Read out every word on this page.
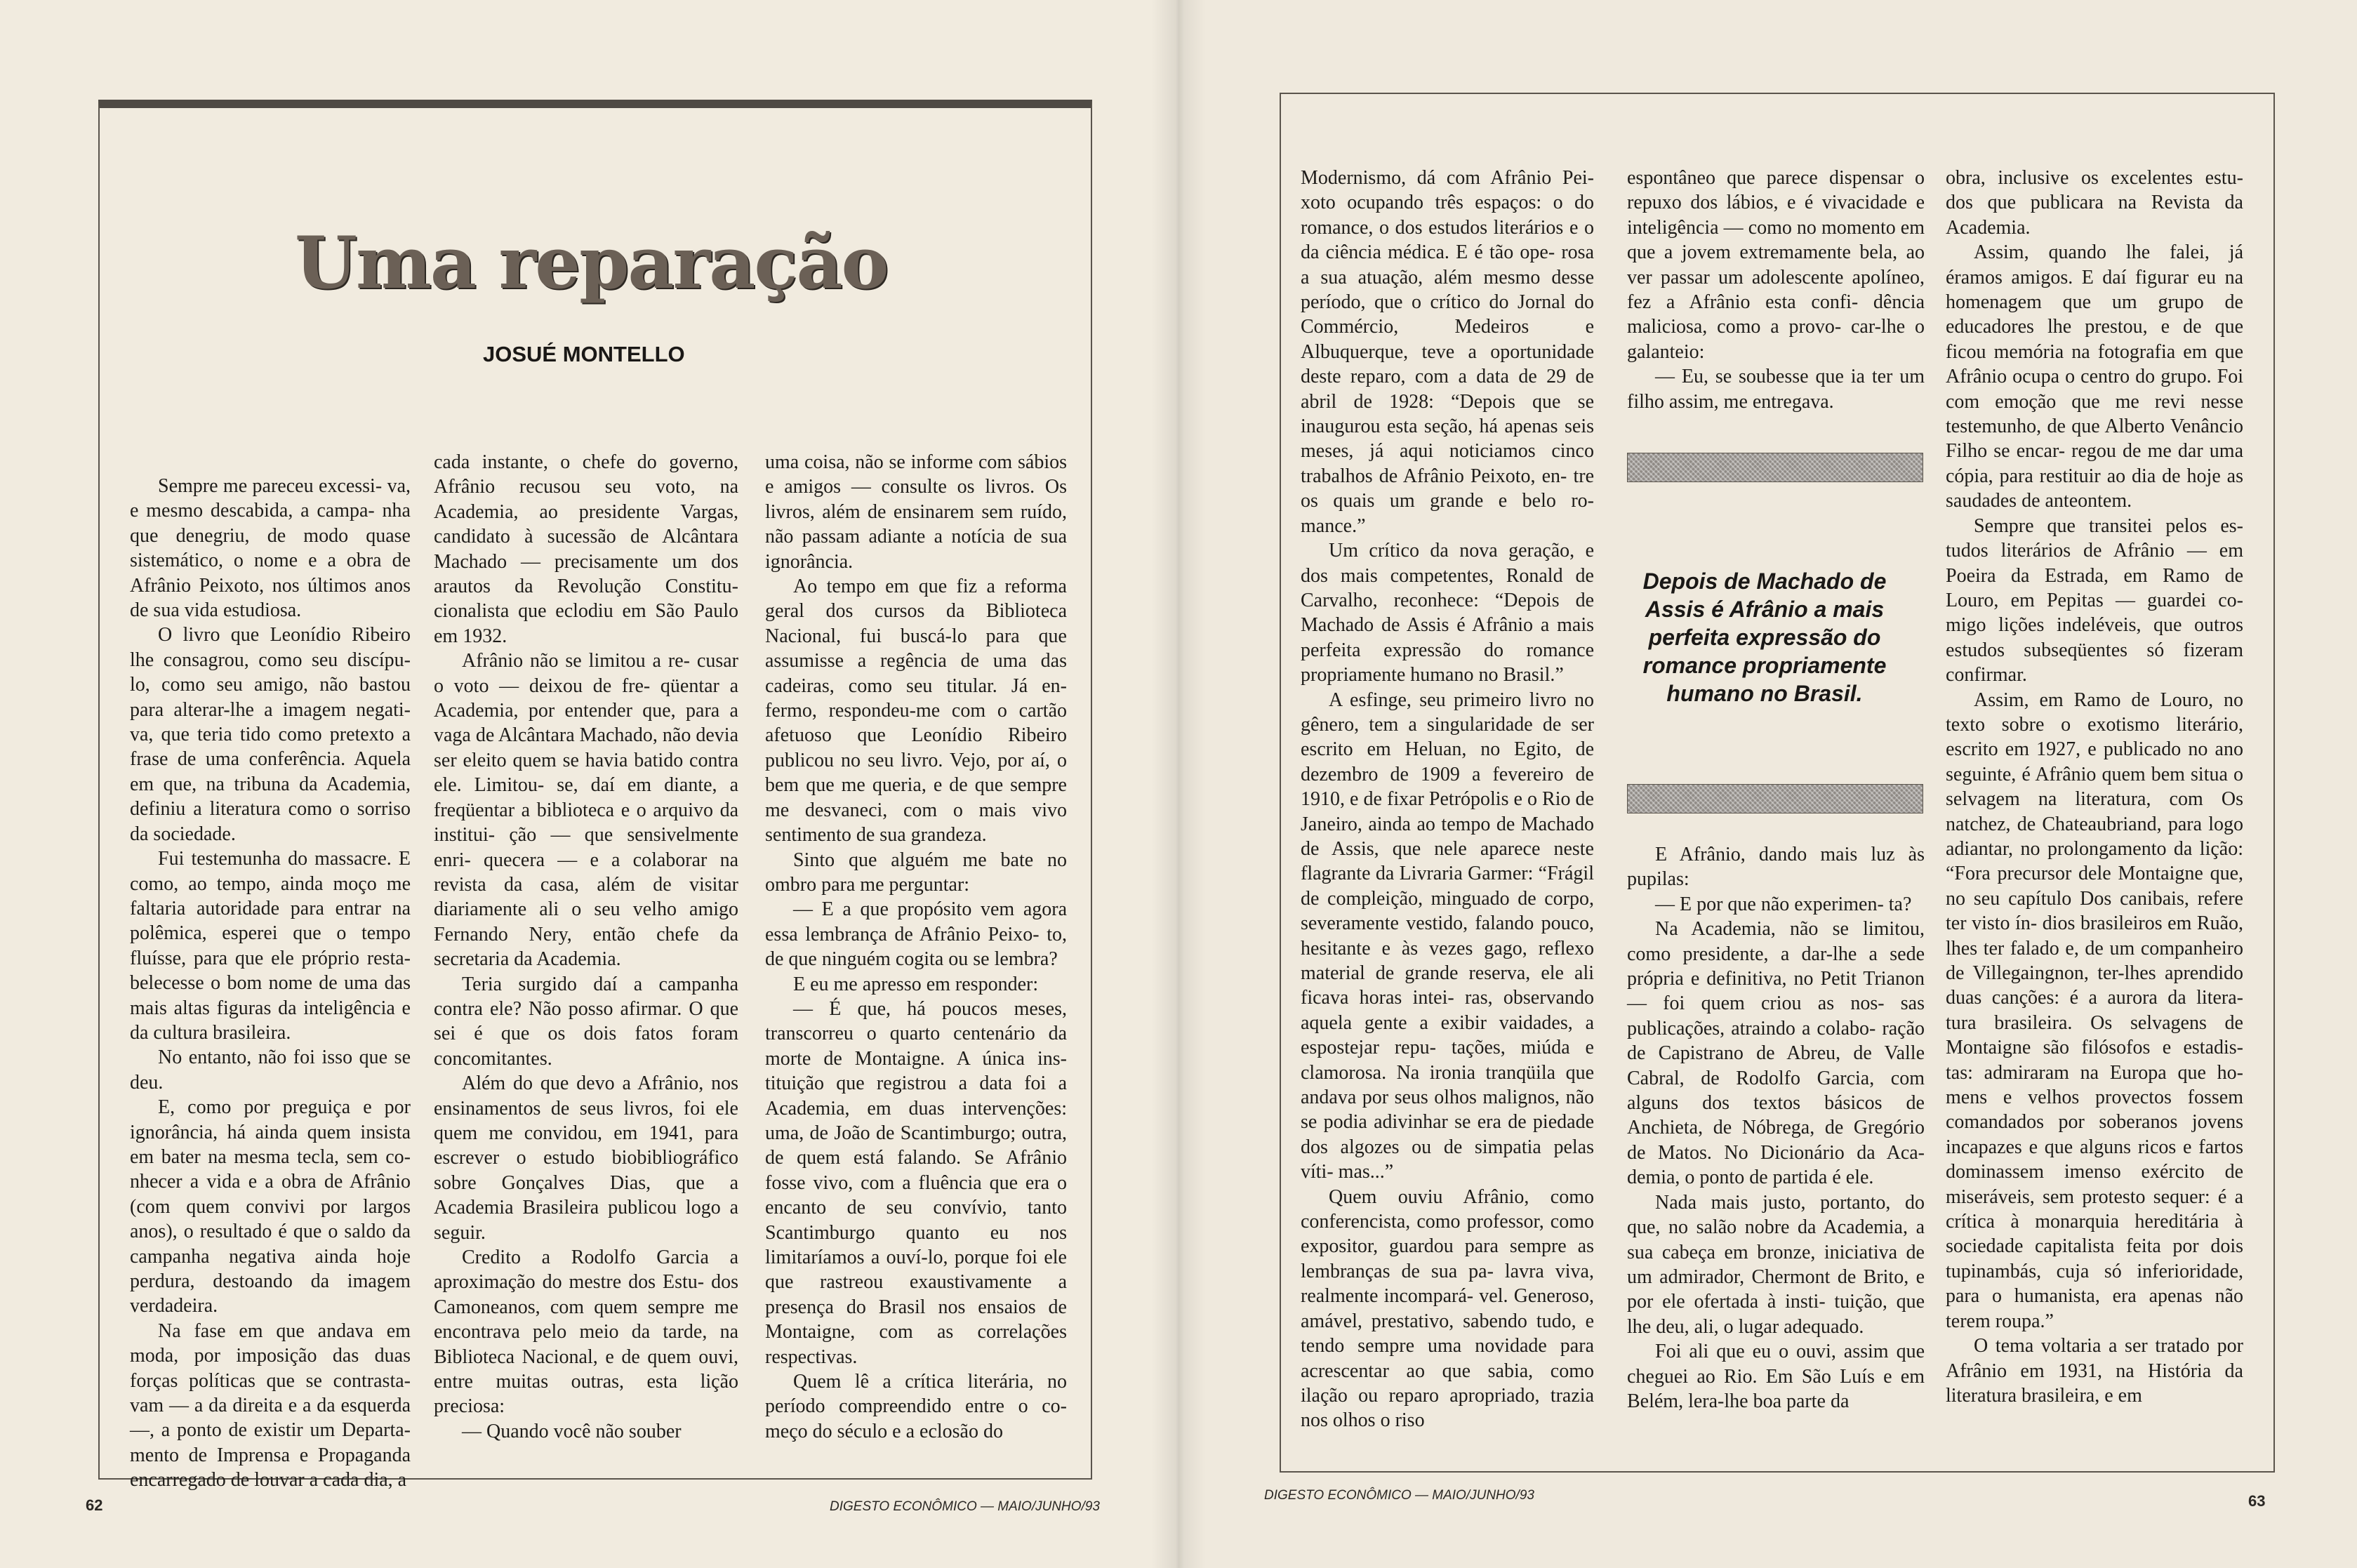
Uma reparação
JOSUÉ MONTELLO

Sempre me pareceu excessi- va, e mesmo descabida, a campa- nha que denegriu, de modo quase sistemático, o nome e a obra de Afrânio Peixoto, nos últimos anos de sua vida estudiosa.

O livro que Leonídio Ribeiro lhe consagrou, como seu discípu- lo, como seu amigo, não bastou para alterar-lhe a imagem negati- va, que teria tido como pretexto a frase de uma conferência. Aquela em que, na tribuna da Academia, definiu a literatura como o sorriso da sociedade.

Fui testemunha do massacre. E como, ao tempo, ainda moço me faltaria autoridade para entrar na polêmica, esperei que o tempo fluísse, para que ele próprio resta- belecesse o bom nome de uma das mais altas figuras da inteligência e da cultura brasileira.

No entanto, não foi isso que se deu.

E, como por preguiça e por ignorância, há ainda quem insista em bater na mesma tecla, sem co- nhecer a vida e a obra de Afrânio (com quem convivi por largos anos), o resultado é que o saldo da campanha negativa ainda hoje perdura, destoando da imagem verdadeira.

Na fase em que andava em moda, por imposição das duas forças políticas que se contrasta- vam — a da direita e a da esquerda —, a ponto de existir um Departa- mento de Imprensa e Propaganda encarregado de louvar a cada dia, a

cada instante, o chefe do governo, Afrânio recusou seu voto, na Academia, ao presidente Vargas, candidato à sucessão de Alcântara Machado — precisamente um dos arautos da Revolução Constitu- cionalista que eclodiu em São Paulo em 1932.

Afrânio não se limitou a re- cusar o voto — deixou de fre- qüentar a Academia, por entender que, para a vaga de Alcântara Machado, não devia ser eleito quem se havia batido contra ele. Limitou- se, daí em diante, a freqüentar a biblioteca e o arquivo da institui- ção — que sensivelmente enri- quecera — e a colaborar na revista da casa, além de visitar diariamente ali o seu velho amigo Fernando Nery, então chefe da secretaria da Academia.

Teria surgido daí a campanha contra ele? Não posso afirmar. O que sei é que os dois fatos foram concomitantes.

Além do que devo a Afrânio, nos ensinamentos de seus livros, foi ele quem me convidou, em 1941, para escrever o estudo biobibliográfico sobre Gonçalves Dias, que a Academia Brasileira publicou logo a seguir.

Credito a Rodolfo Garcia a aproximação do mestre dos Estu- dos Camoneanos, com quem sempre me encontrava pelo meio da tarde, na Biblioteca Nacional, e de quem ouvi, entre muitas outras, esta lição preciosa:

— Quando você não souber

uma coisa, não se informe com sábios e amigos — consulte os livros. Os livros, além de ensinarem sem ruído, não passam adiante a notícia de sua ignorância.

Ao tempo em que fiz a reforma geral dos cursos da Biblioteca Nacional, fui buscá-lo para que assumisse a regência de uma das cadeiras, como seu titular. Já en- fermo, respondeu-me com o cartão afetuoso que Leonídio Ribeiro publicou no seu livro. Vejo, por aí, o bem que me queria, e de que sempre me desvaneci, com o mais vivo sentimento de sua grandeza.

Sinto que alguém me bate no ombro para me perguntar:

— E a que propósito vem agora essa lembrança de Afrânio Peixo- to, de que ninguém cogita ou se lembra?

E eu me apresso em responder:

— É que, há poucos meses, transcorreu o quarto centenário da morte de Montaigne. A única ins- tituição que registrou a data foi a Academia, em duas intervenções: uma, de João de Scantimburgo; outra, de quem está falando. Se Afrânio fosse vivo, com a fluência que era o encanto de seu convívio, tanto Scantimburgo quanto eu nos limitaríamos a ouví-lo, porque foi ele que rastreou exaustivamente a presença do Brasil nos ensaios de Montaigne, com as correlações respectivas.

Quem lê a crítica literária, no período compreendido entre o co- meço do século e a eclosão do

62	DIGESTO ECONÔMICO — MAIO/JUNHO/93

Modernismo, dá com Afrânio Pei- xoto ocupando três espaços: o do romance, o dos estudos literários e o da ciência médica. E é tão ope- rosa a sua atuação, além mesmo desse período, que o crítico do Jornal do Commércio, Medeiros e Albuquerque, teve a oportunidade deste reparo, com a data de 29 de abril de 1928: “Depois que se inaugurou esta seção, há apenas seis meses, já aqui noticiamos cinco trabalhos de Afrânio Peixoto, en- tre os quais um grande e belo ro- mance.”

Um crítico da nova geração, e dos mais competentes, Ronald de Carvalho, reconhece: “Depois de Machado de Assis é Afrânio a mais perfeita expressão do romance propriamente humano no Brasil.”

A esfinge, seu primeiro livro no gênero, tem a singularidade de ser escrito em Heluan, no Egito, de dezembro de 1909 a fevereiro de 1910, e de fixar Petrópolis e o Rio de Janeiro, ainda ao tempo de Machado de Assis, que nele aparece neste flagrante da Livraria Garmer: “Frágil de compleição, minguado de corpo, severamente vestido, falando pouco, hesitante e às vezes gago, reflexo material de grande reserva, ele ali ficava horas intei- ras, observando aquela gente a exibir vaidades, a espostejar repu- tações, miúda e clamorosa. Na ironia tranqüila que andava por seus olhos malignos, não se podia adivinhar se era de piedade dos algozes ou de simpatia pelas víti- mas...”

Quem ouviu Afrânio, como conferencista, como professor, como expositor, guardou para sempre as lembranças de sua pa- lavra viva, realmente incompará- vel. Generoso, amável, prestativo, sabendo tudo, e tendo sempre uma novidade para acrescentar ao que sabia, como ilação ou reparo apropriado, trazia nos olhos o riso

espontâneo que parece dispensar o repuxo dos lábios, e é vivacidade e inteligência — como no momento em que a jovem extremamente bela, ao ver passar um adolescente apolíneo, fez a Afrânio esta confi- dência maliciosa, como a provo- car-lhe o galanteio:

— Eu, se soubesse que ia ter um filho assim, me entregava.

Depois de Machado de Assis é Afrânio a mais perfeita expressão do romance propriamente humano no Brasil.

E Afrânio, dando mais luz às pupilas:

— E por que não experimen- ta?

Na Academia, não se limitou, como presidente, a dar-lhe a sede própria e definitiva, no Petit Trianon — foi quem criou as nos- sas publicações, atraindo a colabo- ração de Capistrano de Abreu, de Valle Cabral, de Rodolfo Garcia, com alguns dos textos básicos de Anchieta, de Nóbrega, de Gregório de Matos. No Dicionário da Aca- demia, o ponto de partida é ele.

Nada mais justo, portanto, do que, no salão nobre da Academia, a sua cabeça em bronze, iniciativa de um admirador, Chermont de Brito, e por ele ofertada à insti- tuição, que lhe deu, ali, o lugar adequado.

Foi ali que eu o ouvi, assim que cheguei ao Rio. Em São Luís e em Belém, lera-lhe boa parte da

obra, inclusive os excelentes estu- dos que publicara na Revista da Academia.

Assim, quando lhe falei, já éramos amigos. E daí figurar eu na homenagem que um grupo de educadores lhe prestou, e de que ficou memória na fotografia em que Afrânio ocupa o centro do grupo. Foi com emoção que me revi nesse testemunho, de que Alberto Venâncio Filho se encar- regou de me dar uma cópia, para restituir ao dia de hoje as saudades de anteontem.

Sempre que transitei pelos es- tudos literários de Afrânio — em Poeira da Estrada, em Ramo de Louro, em Pepitas — guardei co- migo lições indeléveis, que outros estudos subseqüentes só fizeram confirmar.

Assim, em Ramo de Louro, no texto sobre o exotismo literário, escrito em 1927, e publicado no ano seguinte, é Afrânio quem bem situa o selvagem na literatura, com Os natchez, de Chateaubriand, para logo adiantar, no prolongamento da lição: “Fora precursor dele Montaigne que, no seu capítulo Dos canibais, refere ter visto ín- dios brasileiros em Ruão, lhes ter falado e, de um companheiro de Villegaingnon, ter-lhes aprendido duas canções: é a aurora da litera- tura brasileira. Os selvagens de Montaigne são filósofos e estadis- tas: admiraram na Europa que ho- mens e velhos provectos fossem comandados por soberanos jovens incapazes e que alguns ricos e fartos dominassem imenso exército de miseráveis, sem protesto sequer: é a crítica à monarquia hereditária à sociedade capitalista feita por dois tupinambás, cuja só inferioridade, para o humanista, era apenas não terem roupa.”

O tema voltaria a ser tratado por Afrânio em 1931, na História da literatura brasileira, e em

DIGESTO ECONÔMICO — MAIO/JUNHO/93	63
